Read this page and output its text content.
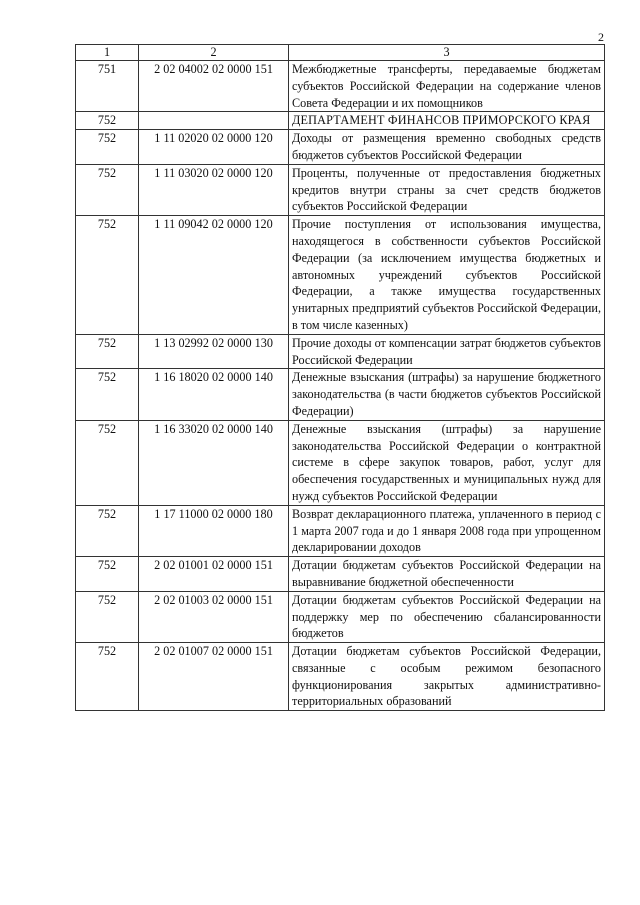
2
1	2	3
751	2 02 04002 02 0000 151	Межбюджетные трансферты, передаваемые бюджетам субъектов Российской Федерации на содержание членов Совета Федерации и их помощников
752		ДЕПАРТАМЕНТ ФИНАНСОВ ПРИМОРСКОГО КРАЯ
752	1 11 02020 02 0000 120	Доходы от размещения временно свободных средств бюджетов субъектов Российской Федерации
752	1 11 03020 02 0000 120	Проценты, полученные от предоставления бюджетных кредитов внутри страны за счет средств бюджетов субъектов Российской Федерации
752	1 11 09042 02 0000 120	Прочие поступления от использования имущества, находящегося в собственности субъектов Российской Федерации (за исключением имущества бюджетных и автономных учреждений субъектов Российской Федерации, а также имущества государственных унитарных предприятий субъектов Российской Федерации, в том числе казенных)
752	1 13 02992 02 0000 130	Прочие доходы от компенсации затрат бюджетов субъектов Российской Федерации
752	1 16 18020 02 0000 140	Денежные взыскания (штрафы) за нарушение бюджетного законодательства (в части бюджетов субъектов Российской Федерации)
752	1 16 33020 02 0000 140	Денежные взыскания (штрафы) за нарушение законодательства Российской Федерации о контрактной системе в сфере закупок товаров, работ, услуг для обеспечения государственных и муниципальных нужд для нужд субъектов Российской Федерации
752	1 17 11000 02 0000 180	Возврат декларационного платежа, уплаченного в период с 1 марта 2007 года и до 1 января 2008 года при упрощенном декларировании доходов
752	2 02 01001 02 0000 151	Дотации бюджетам субъектов Российской Федерации на выравнивание бюджетной обеспеченности
752	2 02 01003 02 0000 151	Дотации бюджетам субъектов Российской Федерации на поддержку мер по обеспечению сбалансированности бюджетов
752	2 02 01007 02 0000 151	Дотации бюджетам субъектов Российской Федерации, связанные с особым режимом безопасного функционирования закрытых административно-территориальных образований
